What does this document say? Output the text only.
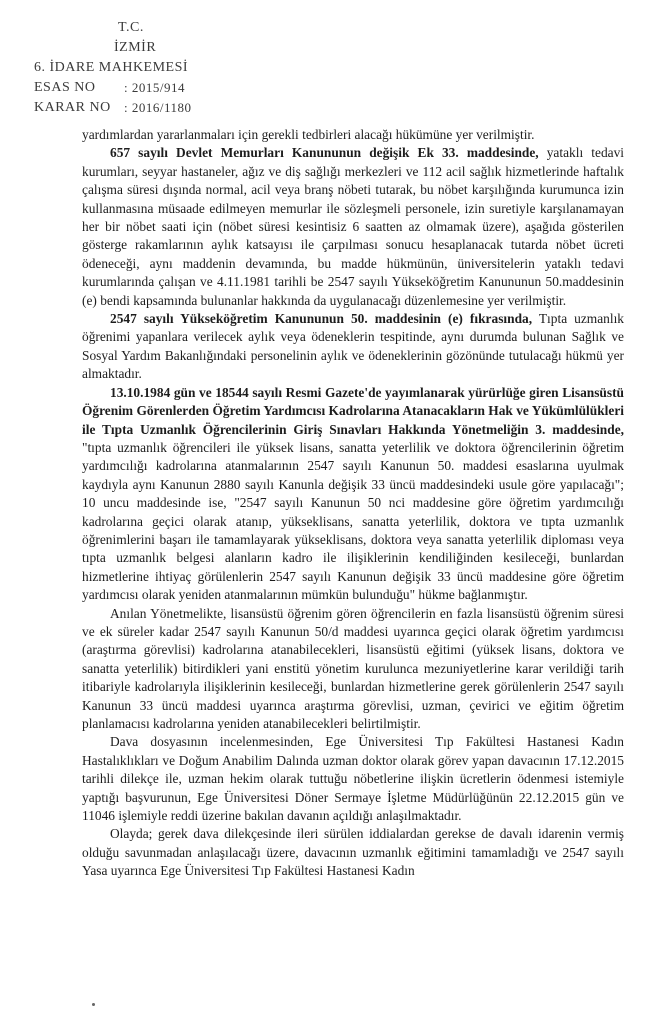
T.C.
İZMİR
6. İDARE MAHKEMESİ
ESAS NO	: 2015/914
KARAR NO	: 2016/1180

yardımlardan yararlanmaları için gerekli tedbirleri alacağı hükümüne yer verilmiştir.

657 sayılı Devlet Memurları Kanununun değişik Ek 33. maddesinde, yataklı tedavi kurumları, seyyar hastaneler, ağız ve diş sağlığı merkezleri ve 112 acil sağlık hizmetlerinde haftalık çalışma süresi dışında normal, acil veya branş nöbeti tutarak, bu nöbet karşılığında kurumunca izin kullanmasına müsaade edilmeyen memurlar ile sözleşmeli personele, izin suretiyle karşılanamayan her bir nöbet saati için (nöbet süresi kesintisiz 6 saatten az olmamak üzere), aşağıda gösterilen gösterge rakamlarının aylık katsayısı ile çarpılması sonucu hesaplanacak tutarda nöbet ücreti ödeneceği, aynı maddenin devamında, bu madde hükmünün, üniversitelerin yataklı tedavi kurumlarında çalışan ve 4.11.1981 tarihli be 2547 sayılı Yükseköğretim Kanununun 50.maddesinin (e) bendi kapsamında bulunanlar hakkında da uygulanacağı düzenlemesine yer verilmiştir.

2547 sayılı Yükseköğretim Kanununun 50. maddesinin (e) fıkrasında, Tıpta uzmanlık öğrenimi yapanlara verilecek aylık veya ödeneklerin tespitinde, aynı durumda bulunan Sağlık ve Sosyal Yardım Bakanlığındaki personelinin aylık ve ödeneklerinin gözönünde tutulacağı hükmü yer almaktadır.

13.10.1984 gün ve 18544 sayılı Resmi Gazete'de yayımlanarak yürürlüğe giren Lisansüstü Öğrenim Görenlerden Öğretim Yardımcısı Kadrolarına Atanacakların Hak ve Yükümlülükleri ile Tıpta Uzmanlık Öğrencilerinin Giriş Sınavları Hakkında Yönetmeliğin 3. maddesinde, "tıpta uzmanlık öğrencileri ile yüksek lisans, sanatta yeterlilik ve doktora öğrencilerinin öğretim yardımcılığı kadrolarına atanmalarının 2547 sayılı Kanunun 50. maddesi esaslarına uyulmak kaydıyla aynı Kanunun 2880 sayılı Kanunla değişik 33 üncü maddesindeki usule göre yapılacağı"; 10 uncu maddesinde ise, "2547 sayılı Kanunun 50 nci maddesine göre öğretim yardımcılığı kadrolarına geçici olarak atanıp, yükseklisans, sanatta yeterlilik, doktora ve tıpta uzmanlık öğrenimlerini başarı ile tamamlayarak yükseklisans, doktora veya sanatta yeterlilik diploması veya tıpta uzmanlık belgesi alanların kadro ile ilişiklerinin kendiliğinden kesileceği, bunlardan hizmetlerine ihtiyaç görülenlerin 2547 sayılı Kanunun değişik 33 üncü maddesine göre öğretim yardımcısı olarak yeniden atanmalarının mümkün bulunduğu" hükme bağlanmıştır.

Anılan Yönetmelikte, lisansüstü öğrenim gören öğrencilerin en fazla lisansüstü öğrenim süresi ve ek süreler kadar 2547 sayılı Kanunun 50/d maddesi uyarınca geçici olarak öğretim yardımcısı (araştırma görevlisi) kadrolarına atanabilecekleri, lisansüstü eğitimi (yüksek lisans, doktora ve sanatta yeterlilik) bitirdikleri yani enstitü yönetim kurulunca mezuniyetlerine karar verildiği tarih itibariyle kadrolarıyla ilişiklerinin kesileceği, bunlardan hizmetlerine gerek görülenlerin 2547 sayılı Kanunun 33 üncü maddesi uyarınca araştırma görevlisi, uzman, çevirici ve eğitim öğretim planlamacısı kadrolarına yeniden atanabilecekleri belirtilmiştir.

Dava dosyasının incelenmesinden, Ege Üniversitesi Tıp Fakültesi Hastanesi Kadın Hastalıklıkları ve Doğum Anabilim Dalında uzman doktor olarak görev yapan davacının 17.12.2015 tarihli dilekçe ile, uzman hekim olarak tuttuğu nöbetlerine ilişkin ücretlerin ödenmesi istemiyle yaptığı başvurunun, Ege Üniversitesi Döner Sermaye İşletme Müdürlüğünün 22.12.2015 gün ve 11046 işlemiyle reddi üzerine bakılan davanın açıldığı anlaşılmaktadır.

Olayda; gerek dava dilekçesinde ileri sürülen iddialardan gerekse de davalı idarenin vermiş olduğu savunmadan anlaşılacağı üzere, davacının uzmanlık eğitimini tamamladığı ve 2547 sayılı Yasa uyarınca Ege Üniversitesi Tıp Fakültesi Hastanesi Kadın
